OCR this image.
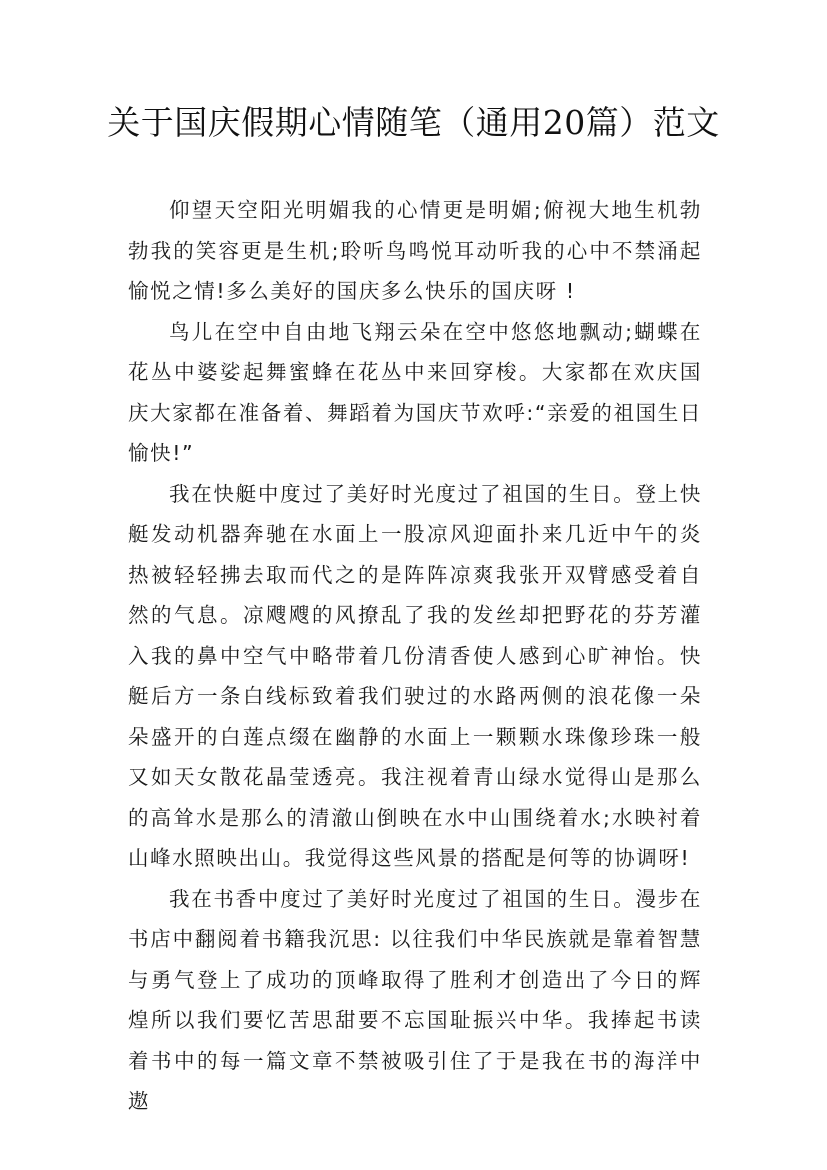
关于国庆假期心情随笔（通用20篇）范文

仰望天空阳光明媚我的心情更是明媚;俯视大地生机勃勃我的笑容更是生机;聆听鸟鸣悦耳动听我的心中不禁涌起愉悦之情!多么美好的国庆多么快乐的国庆呀 !

鸟儿在空中自由地飞翔云朵在空中悠悠地飘动;蝴蝶在花丛中婆娑起舞蜜蜂在花丛中来回穿梭。大家都在欢庆国庆大家都在准备着、舞蹈着为国庆节欢呼:“亲爱的祖国生日愉快!”

我在快艇中度过了美好时光度过了祖国的生日。登上快艇发动机器奔驰在水面上一股凉风迎面扑来几近中午的炎热被轻轻拂去取而代之的是阵阵凉爽我张开双臂感受着自然的气息。凉飕飕的风撩乱了我的发丝却把野花的芬芳灌入我的鼻中空气中略带着几份清香使人感到心旷神怡。快艇后方一条白线标致着我们驶过的水路两侧的浪花像一朵朵盛开的白莲点缀在幽静的水面上一颗颗水珠像珍珠一般又如天女散花晶莹透亮。我注视着青山绿水觉得山是那么的高耸水是那么的清澈山倒映在水中山围绕着水;水映衬着山峰水照映出山。我觉得这些风景的搭配是何等的协调呀!

我在书香中度过了美好时光度过了祖国的生日。漫步在书店中翻阅着书籍我沉思: 以往我们中华民族就是靠着智慧与勇气登上了成功的顶峰取得了胜利才创造出了今日的辉煌所以我们要忆苦思甜要不忘国耻振兴中华。我捧起书读着书中的每一篇文章不禁被吸引住了于是我在书的海洋中遨
